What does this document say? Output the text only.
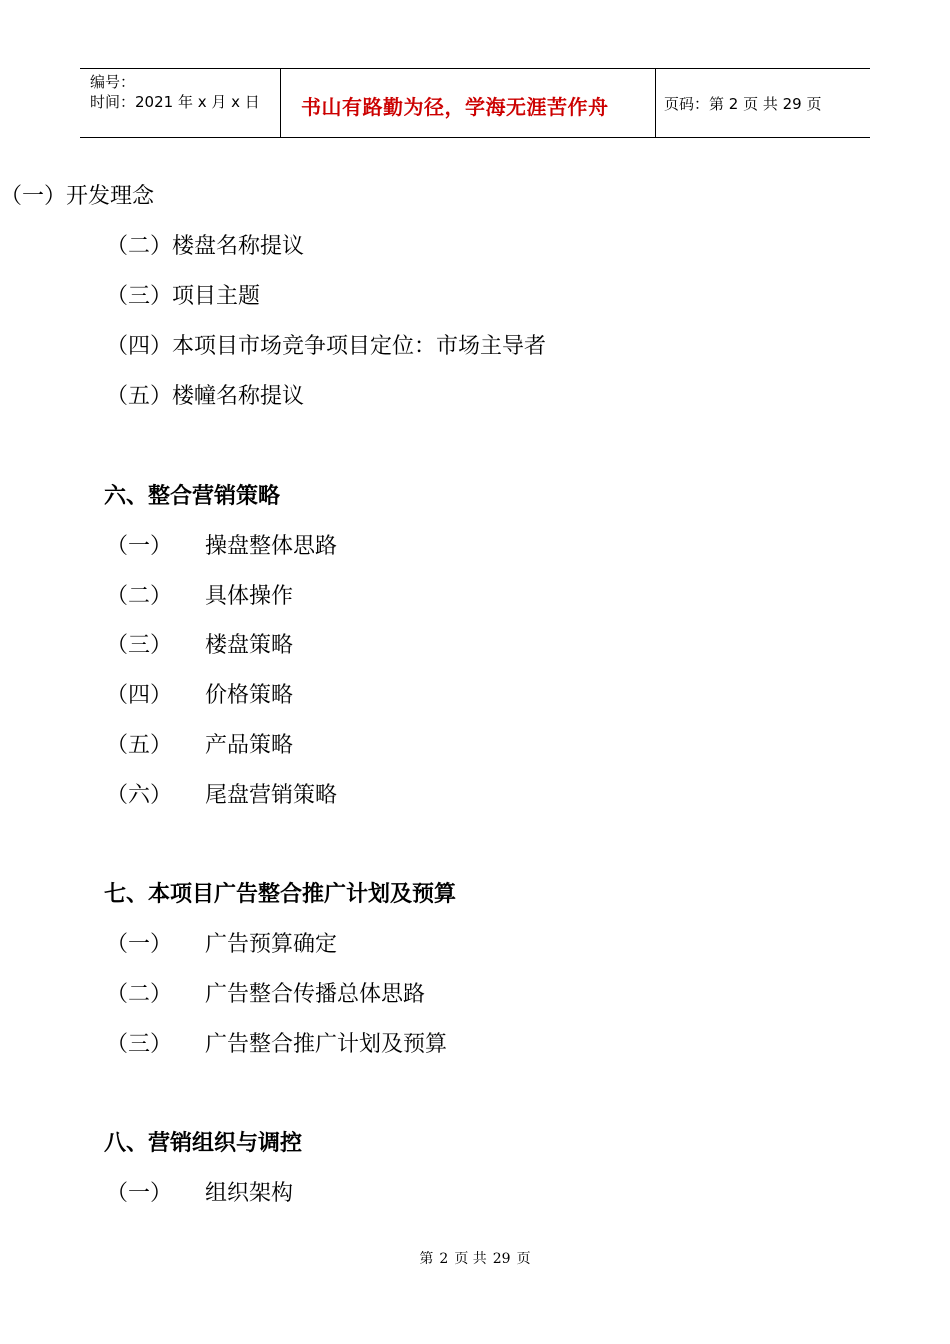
编号：
时间：2021 年 x 月 x 日 书山有路勤为径，学海无涯苦作舟	页码：第 2 页 共 29 页
（一）开发理念
（二）楼盘名称提议
（三）项目主题
（四）本项目市场竞争项目定位：市场主导者
（五）楼幢名称提议
六、整合营销策略
（一） 操盘整体思路
（二） 具体操作
（三） 楼盘策略
（四） 价格策略
（五） 产品策略
（六） 尾盘营销策略
七、本项目广告整合推广计划及预算
（一） 广告预算确定
（二） 广告整合传播总体思路
（三） 广告整合推广计划及预算
八、营销组织与调控
（一） 组织架构
第 2 页 共 29 页
